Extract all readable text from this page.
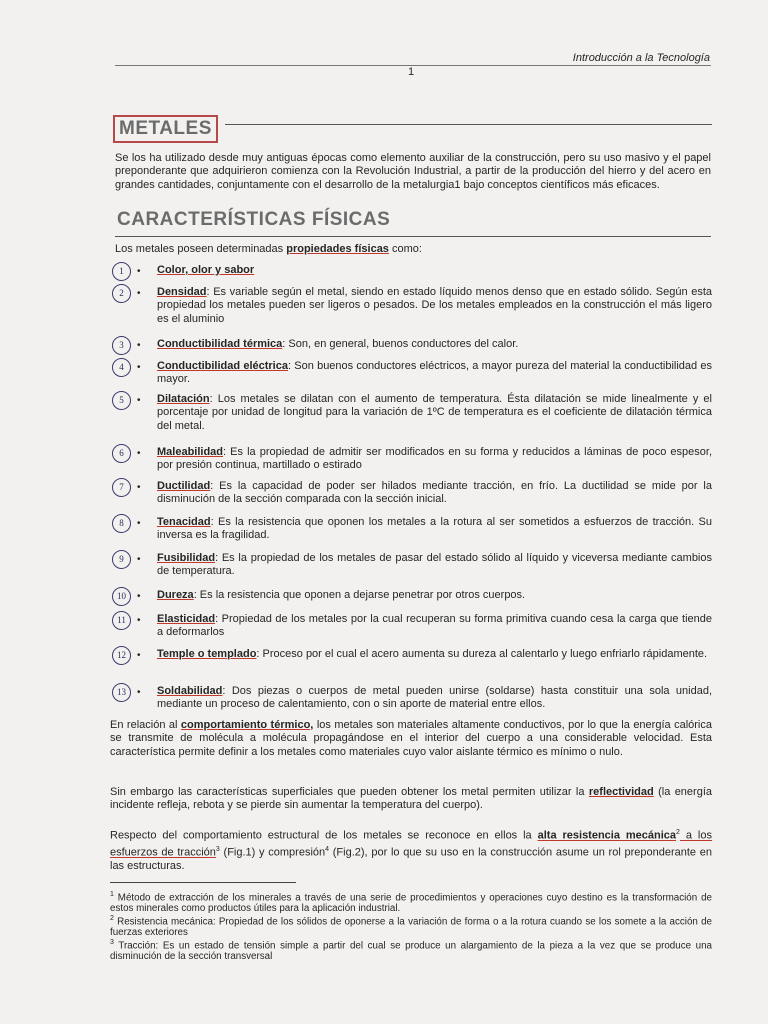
Introducción a la Tecnología
1
METALES
Se los ha utilizado desde muy antiguas épocas como elemento auxiliar de la construcción, pero su uso masivo y el papel preponderante que adquirieron comienza con la Revolución Industrial, a partir de la producción del hierro y del acero en grandes cantidades, conjuntamente con el desarrollo de la metalurgia1 bajo conceptos científicos más eficaces.
CARACTERÍSTICAS FÍSICAS
Los metales poseen determinadas propiedades físicas como:
1	• Color, olor y sabor
2	• Densidad: Es variable según el metal, siendo en estado líquido menos denso que en estado sólido. Según esta propiedad los metales pueden ser ligeros o pesados. De los metales empleados en la construcción el más ligero es el aluminio
3	• Conductibilidad térmica: Son, en general, buenos conductores del calor.
4	• Conductibilidad eléctrica: Son buenos conductores eléctricos, a mayor pureza del material la conductibilidad es mayor.
5	• Dilatación: Los metales se dilatan con el aumento de temperatura. Ésta dilatación se mide linealmente y el porcentaje por unidad de longitud para la variación de 1ºC de temperatura es el coeficiente de dilatación térmica del metal.
6	• Maleabilidad: Es la propiedad de admitir ser modificados en su forma y reducidos a láminas de poco espesor, por presión continua, martillado o estirado
7	• Ductilidad: Es la capacidad de poder ser hilados mediante tracción, en frío. La ductilidad se mide por la disminución de la sección comparada con la sección inicial.
8	• Tenacidad: Es la resistencia que oponen los metales a la rotura al ser sometidos a esfuerzos de tracción. Su inversa es la fragilidad.
9	• Fusibilidad: Es la propiedad de los metales de pasar del estado sólido al líquido y viceversa mediante cambios de temperatura.
10	• Dureza: Es la resistencia que oponen a dejarse penetrar por otros cuerpos.
11	• Elasticidad: Propiedad de los metales por la cual recuperan su forma primitiva cuando cesa la carga que tiende a deformarlos
12	• Temple o templado: Proceso por el cual el acero aumenta su dureza al calentarlo y luego enfriarlo rápidamente.
13	• Soldabilidad: Dos piezas o cuerpos de metal pueden unirse (soldarse) hasta constituir una sola unidad, mediante un proceso de calentamiento, con o sin aporte de material entre ellos.
En relación al comportamiento térmico, los metales son materiales altamente conductivos, por lo que la energía calórica se transmite de molécula a molécula propagándose en el interior del cuerpo a una considerable velocidad. Esta característica permite definir a los metales como materiales cuyo valor aislante térmico es mínimo o nulo.
Sin embargo las características superficiales que pueden obtener los metal permiten utilizar la reflectividad (la energía incidente refleja, rebota y se pierde sin aumentar la temperatura del cuerpo).
Respecto del comportamiento estructural de los metales se reconoce en ellos la alta resistencia mecánica$^2$ a los esfuerzos de tracción$^3$ (Fig.1) y compresión$^4$ (Fig.2), por lo que su uso en la construcción asume un rol preponderante en las estructuras.
$^1$ Método de extracción de los minerales a través de una serie de procedimientos y operaciones cuyo destino es la transformación de estos minerales como productos útiles para la aplicación industrial.
$^2$ Resistencia mecánica: Propiedad de los sólidos de oponerse a la variación de forma o a la rotura cuando se los somete a la acción de fuerzas exteriores
$^3$ Tracción: Es un estado de tensión simple a partir del cual se produce un alargamiento de la pieza a la vez que se produce una disminución de la sección transversal
